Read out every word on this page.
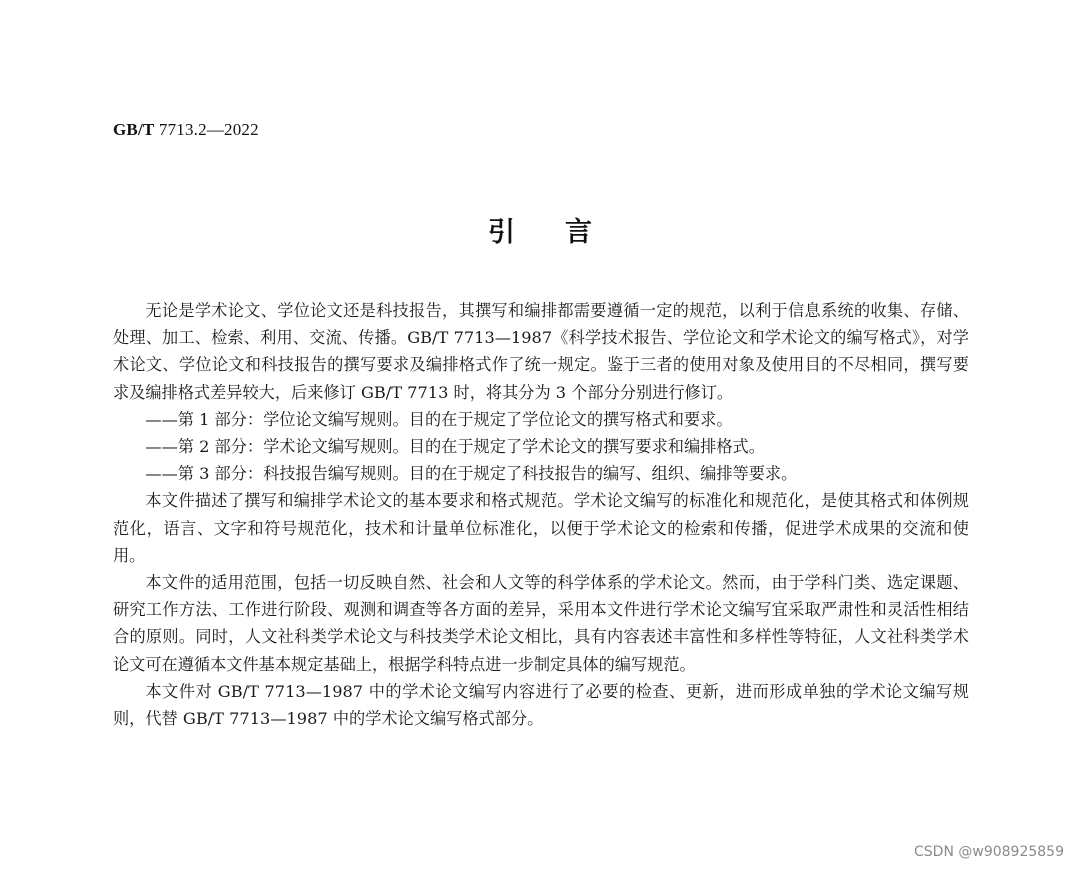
GB/T 7713.2—2022
引言

无论是学术论文、学位论文还是科技报告，其撰写和编排都需要遵循一定的规范，以利于信息系统的收集、存储、处理、加工、检索、利用、交流、传播。GB/T 7713—1987《科学技术报告、学位论文和学术论文的编写格式》，对学术论文、学位论文和科技报告的撰写要求及编排格式作了统一规定。鉴于三者的使用对象及使用目的不尽相同，撰写要求及编排格式差异较大，后来修订 GB/T 7713 时，将其分为 3 个部分分别进行修订。

——第 1 部分：学位论文编写规则。目的在于规定了学位论文的撰写格式和要求。

——第 2 部分：学术论文编写规则。目的在于规定了学术论文的撰写要求和编排格式。

——第 3 部分：科技报告编写规则。目的在于规定了科技报告的编写、组织、编排等要求。

本文件描述了撰写和编排学术论文的基本要求和格式规范。学术论文编写的标准化和规范化，是使其格式和体例规范化，语言、文字和符号规范化，技术和计量单位标准化，以便于学术论文的检索和传播，促进学术成果的交流和使用。

本文件的适用范围，包括一切反映自然、社会和人文等的科学体系的学术论文。然而，由于学科门类、选定课题、研究工作方法、工作进行阶段、观测和调查等各方面的差异，采用本文件进行学术论文编写宜采取严肃性和灵活性相结合的原则。同时，人文社科类学术论文与科技类学术论文相比，具有内容表述丰富性和多样性等特征，人文社科类学术论文可在遵循本文件基本规定基础上，根据学科特点进一步制定具体的编写规范。

本文件对 GB/T 7713—1987 中的学术论文编写内容进行了必要的检查、更新，进而形成单独的学术论文编写规则，代替 GB/T 7713—1987 中的学术论文编写格式部分。

CSDN @w908925859
